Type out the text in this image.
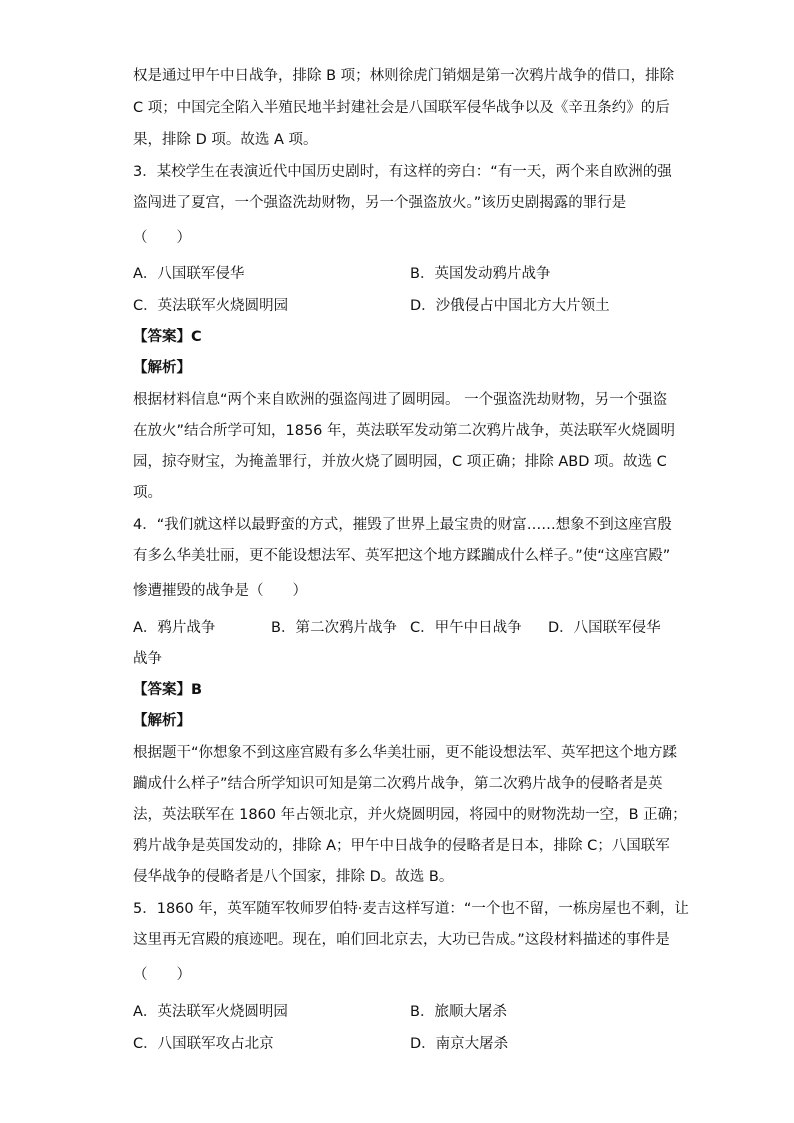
权是通过甲午中日战争，排除 B 项；林则徐虎门销烟是第一次鸦片战争的借口，排除
C 项；中国完全陷入半殖民地半封建社会是八国联军侵华战争以及《辛丑条约》的后
果，排除 D 项。故选 A 项。
3．某校学生在表演近代中国历史剧时，有这样的旁白：“有一天，两个来自欧洲的强
盗闯进了夏宫，一个强盗洗劫财物，另一个强盗放火。”该历史剧揭露的罪行是
（　　）
A．八国联军侵华	B．英国发动鸦片战争
C．英法联军火烧圆明园	D．沙俄侵占中国北方大片领土
【答案】C
【解析】
根据材料信息“两个来自欧洲的强盗闯进了圆明园。 一个强盗洗劫财物，另一个强盗
在放火”结合所学可知，1856 年，英法联军发动第二次鸦片战争，英法联军火烧圆明
园，掠夺财宝，为掩盖罪行，并放火烧了圆明园，C 项正确；排除 ABD 项。故选 C
项。
4．“我们就这样以最野蛮的方式，摧毁了世界上最宝贵的财富……想象不到这座宫殷
有多么华美壮丽，更不能设想法军、英军把这个地方蹂躏成什么样子。”使“这座宫殿”
惨遭摧毁的战争是（　　）
A．鸦片战争	B．第二次鸦片战争 C．甲午中日战争 D．八国联军侵华
战争
【答案】B
【解析】
根据题干“你想象不到这座宫殿有多么华美壮丽，更不能设想法军、英军把这个地方蹂
躏成什么样子”结合所学知识可知是第二次鸦片战争，第二次鸦片战争的侵略者是英
法，英法联军在 1860 年占领北京，并火烧圆明园，将园中的财物洗劫一空，B 正确；
鸦片战争是英国发动的，排除 A；甲午中日战争的侵略者是日本，排除 C；八国联军
侵华战争的侵略者是八个国家，排除 D。故选 B。
5．1860 年，英军随军牧师罗伯特·麦吉这样写道：“一个也不留，一栋房屋也不剩，让
这里再无宫殿的痕迹吧。现在，咱们回北京去，大功已告成。”这段材料描述的事件是
（　　）
A．英法联军火烧圆明园	B．旅顺大屠杀
C．八国联军攻占北京	D．南京大屠杀
